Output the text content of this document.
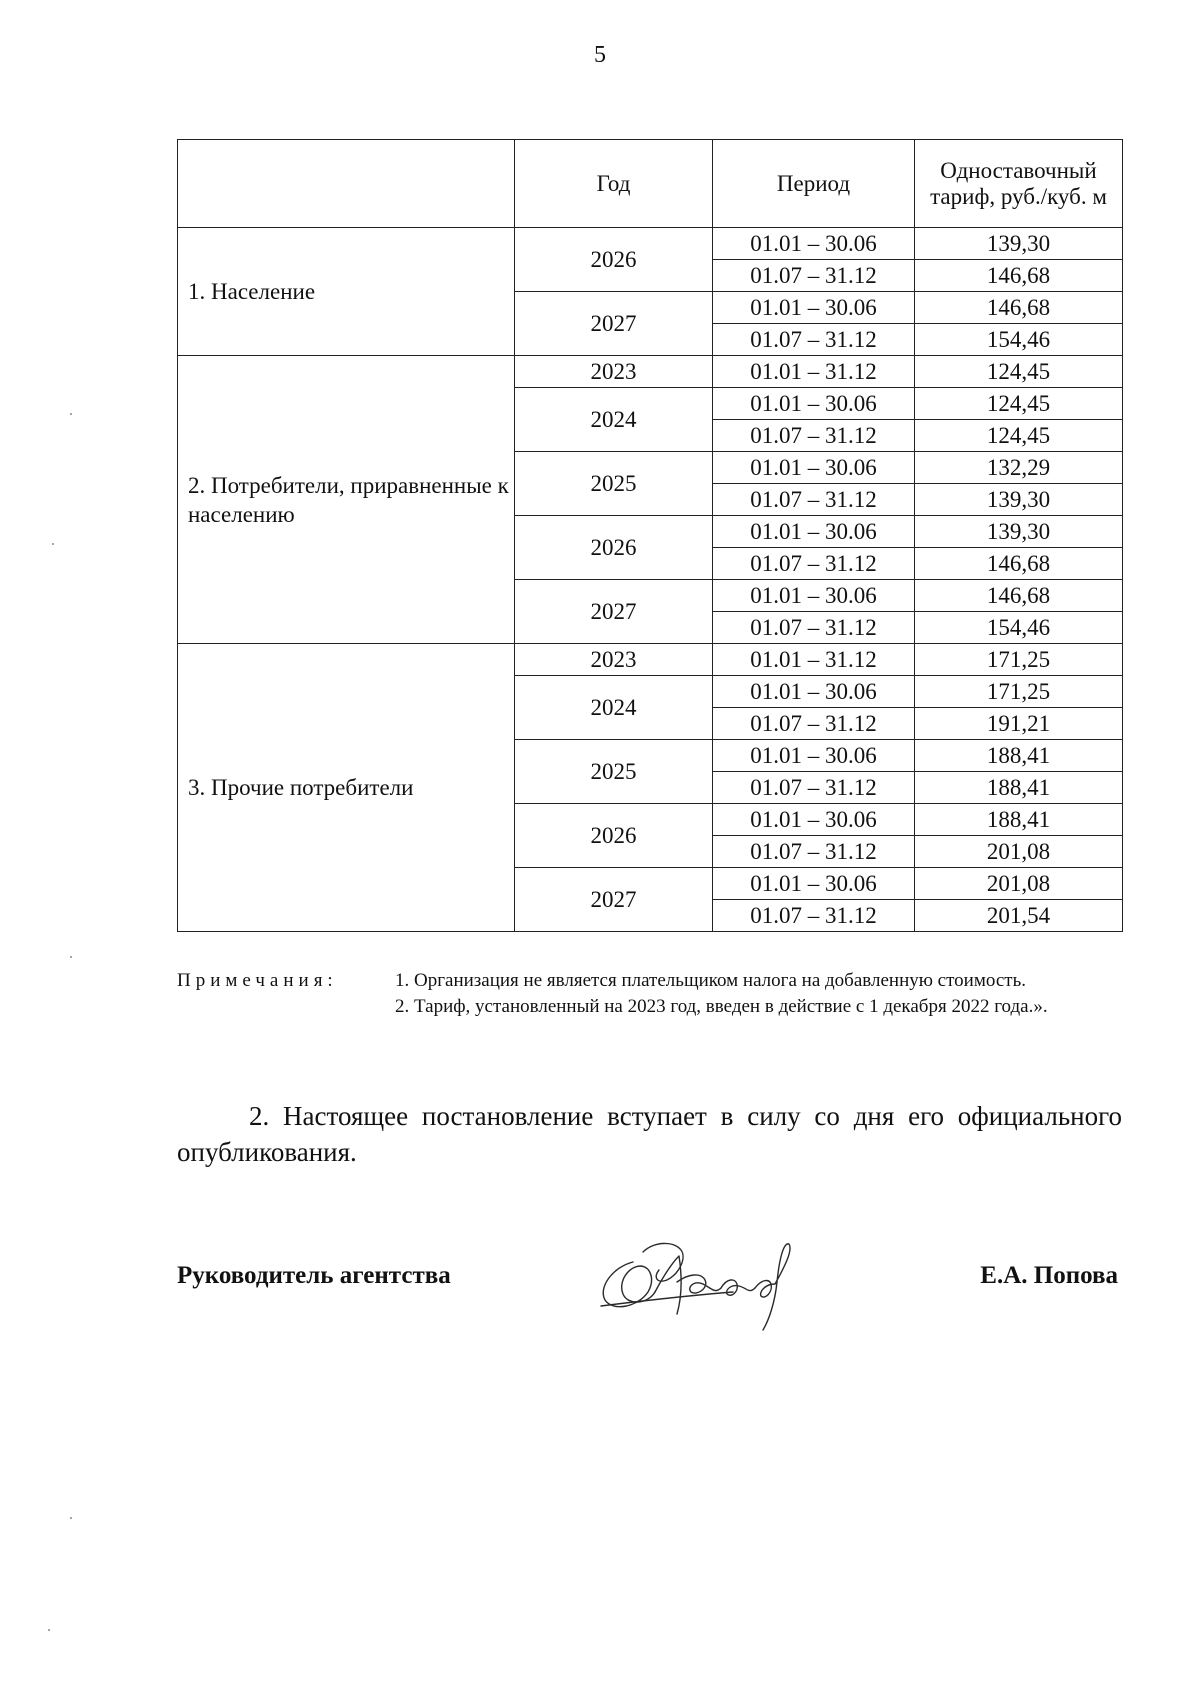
5
	Год	Период	Одноставочный тариф, руб./куб. м
1. Население	2026	01.01 – 30.06	139,30
		01.07 – 31.12	146,68
	2027	01.01 – 30.06	146,68
		01.07 – 31.12	154,46
2. Потребители, приравненные к населению	2023	01.01 – 31.12	124,45
	2024	01.01 – 30.06	124,45
		01.07 – 31.12	124,45
	2025	01.01 – 30.06	132,29
		01.07 – 31.12	139,30
	2026	01.01 – 30.06	139,30
		01.07 – 31.12	146,68
	2027	01.01 – 30.06	146,68
		01.07 – 31.12	154,46
3. Прочие потребители	2023	01.01 – 31.12	171,25
	2024	01.01 – 30.06	171,25
		01.07 – 31.12	191,21
	2025	01.01 – 30.06	188,41
		01.07 – 31.12	188,41
	2026	01.01 – 30.06	188,41
		01.07 – 31.12	201,08
	2027	01.01 – 30.06	201,08
		01.07 – 31.12	201,54
Примечания:	1. Организация не является плательщиком налога на добавленную стоимость.

2. Тариф, установленный на 2023 год, введен в действие с 1 декабря 2022 года.».

2. Настоящее постановление вступает в силу со дня его официального опубликования.
Руководитель агентства	Е.А. Попова
